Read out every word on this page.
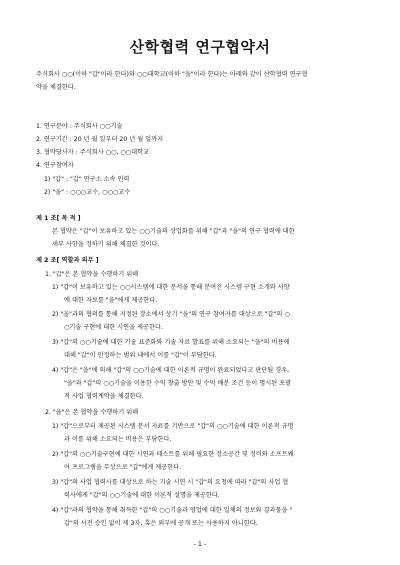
산학협력 연구협약서
주식회사 ○○(이하 "갑"이라 한다)와 ○○대학교(이하 "을"이라 한다)는 아래와 같이 산학협력 연구협
약을 체결한다.
1. 연구분야 : 주식회사 ○○기술
2. 연구기간 : 20 년 월 일부터 20 년 월 일까지
3. 협약당사자 : 주식회사 ○○, ○○대학교
4. 연구참여자
1) "갑" : "갑" 연구소 소속 인력
2) "을" : ○○○교수, ○○○교수
제 1 조[ 목 적 ]
본 협약은 "갑"이 보유하고 있는 ○○기술의 상업화를 위해 "갑"과 "을"의 연구 협력에 대한
세부 사항을 정하기 위해 체결한 것이다.
제 2 조[ 역할과 의무 ]
1. "갑"은 본 협약을 수행하기 위해
1) "갑"이 보유하고 있는 ○○시스템에 대한 문서을 통해 분여진 시스템 구현 소개와 사양
에 대한 자료를 "을"에게 제공한다.
2) "을"과의 협의를 통해 지정된 장소에서 상기 "을"의 연구 참여자를 대상으로 "갑"의 ○
○기술 구현에 대한 시연을 제공한다.
3) "갑"의 ○○기술에 대한 기술 표준화와 기술 자료 발표를 위해 소요되는 "을"의 비용에
대해 "갑"이 인정하는 범위 내에서 이를 "갑"이 부담한다.
4) "갑"은 "을"에 의해 "갑"의 ○○기술에 대한 이론적 규명이 완료되었다고 판단될 경우,
"을"과 "갑"의 ○○기술을 이용한 수익 창출 방안 및 수익 배분 조건 등이 명시된 포괄
적 사업 협력계약을 체결한다.
2. "을"은 본 협약을 수행하기 위해
1) "갑"으로부터 제공된 시스템 문서 자료를 기반으로 "갑"의 ○○기술에 대한 이론적 규명
과 이를 위해 소요되는 비용은 부담한다.
2) "갑"의 ○○기술구현에 대한 시연과 테스트를 위해 필요한 장소공간 및 정비와 소프트웨
어 프로그램을 무상으로 "갑"에게 제공한다.
3) "갑"의 사업 협력사를 대상으로 하는 기술 시연 시 "갑"의 요청에 따라 "갑"의 사업 협
력사에게 "갑"의 ○○기술에 대한 이론적 설명을 제공한다.
4) "갑"과의 협약을 통해 취득한 "갑"의 ○○기술과 영업에 대한 일체의 정보와 결과물을 "
갑"의 사전 승인 없이 제 3자, 혹은 외부에 공개 또는 사용하지 아니한다.
- 1 -
